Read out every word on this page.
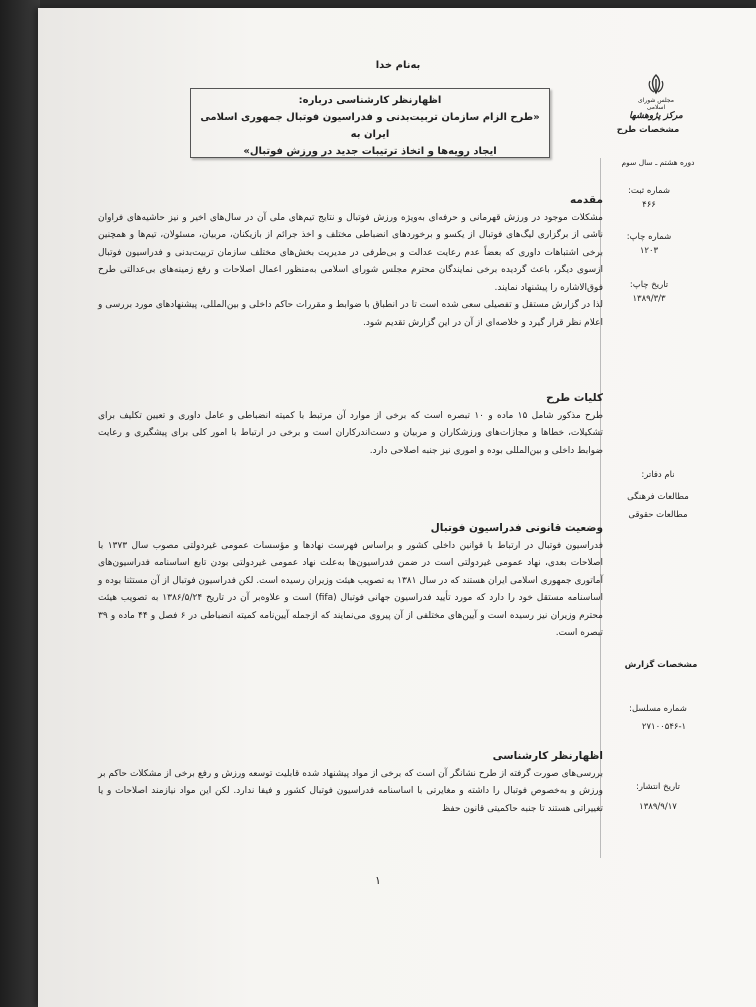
به‌نام خدا
اظهارنظر کارشناسی درباره:
«طرح الزام سازمان تربیت‌بدنی و فدراسیون فوتبال جمهوری اسلامی ایران به
ایجاد رویه‌ها و اتخاذ ترتیبات جدید در ورزش فوتبال»
مجلس شورای اسلامی
مرکز پژوهشها
مشخصات طرح
دوره هشتم ـ سال سوم
شماره ثبت:
۴۶۶
شماره چاپ:
۱۲۰۳
تاریخ چاپ:
۱۳۸۹/۳/۳
نام دفاتر:
مطالعات فرهنگی
مطالعات حقوقی
مشخصات گزارش
شماره مسلسل:
۲۷۱۰۰۵۴۶-۱
تاریخ انتشار:
۱۳۸۹/۹/۱۷
مقدمه

مشکلات موجود در ورزش قهرمانی و حرفه‌ای به‌ویژه ورزش فوتبال و نتایج تیم‌های ملی آن در سال‌های اخیر و نیز حاشیه‌های فراوان ناشی از برگزاری لیگ‌های فوتبال از یکسو و برخوردهای انضباطی مختلف و اخذ جرائم از بازیکنان، مربیان، مسئولان، تیم‌ها و همچنین برخی اشتباهات داوری که بعضاً عدم رعایت عدالت و بی‌طرفی در مدیریت بخش‌های مختلف سازمان تربیت‌بدنی و فدراسیون فوتبال ازسوی دیگر، باعث گردیده برخی نمایندگان محترم مجلس شورای اسلامی به‌منظور اعمال اصلاحات و رفع زمینه‌های بی‌عدالتی طرح فوق‌الاشاره را پیشنهاد نمایند.

لذا در گزارش مستقل و تفصیلی سعی شده است تا در انطباق با ضوابط و مقررات حاکم داخلی و بین‌المللی، پیشنهادهای مورد بررسی و اعلام نظر قرار گیرد و خلاصه‌ای از آن در این گزارش تقدیم شود.

کلیات طرح

طرح مذکور شامل ۱۵ ماده و ۱۰ تبصره است که برخی از موارد آن مرتبط با کمیته انضباطی و عامل داوری و تعیین تکلیف برای تشکیلات، خطاها و مجازات‌های ورزشکاران و مربیان و دست‌اندرکاران است و برخی در ارتباط با امور کلی برای پیشگیری و رعایت ضوابط داخلی و بین‌المللی بوده و اموری نیز جنبه اصلاحی دارد.

وضعیت قانونی فدراسیون فوتبال

فدراسیون فوتبال در ارتباط با قوانین داخلی کشور و براساس فهرست نهادها و مؤسسات عمومی غیردولتی مصوب سال ۱۳۷۳ با اصلاحات بعدی، نهاد عمومی غیردولتی است در ضمن فدراسیون‌ها به‌علت نهاد عمومی غیردولتی بودن تابع اساسنامه فدراسیون‌های آماتوری جمهوری اسلامی ایران هستند که در سال ۱۳۸۱ به تصویب هیئت وزیران رسیده است. لکن فدراسیون فوتبال از آن مستثنا بوده و اساسنامه مستقل خود را دارد که مورد تأیید فدراسیون جهانی فوتبال (fifa) است و علاوه‌بر آن در تاریخ ۱۳۸۶/۵/۲۴ به تصویب هیئت محترم وزیران نیز رسیده است و آیین‌های مختلفی از آن پیروی می‌نمایند که ازجمله آیین‌نامه کمیته انضباطی در ۶ فصل و ۴۴ ماده و ۳۹ تبصره است.

اظهارنظر کارشناسی

بررسی‌های صورت گرفته از طرح نشانگر آن است که برخی از مواد پیشنهاد شده قابلیت توسعه ورزش و رفع برخی از مشکلات حاکم بر ورزش و به‌خصوص فوتبال را داشته و مغایرتی با اساسنامه فدراسیون فوتبال کشور و فیفا ندارد. لکن این مواد نیازمند اصلاحات و یا تغییراتی هستند تا جنبه حاکمیتی قانون حفظ

۱
